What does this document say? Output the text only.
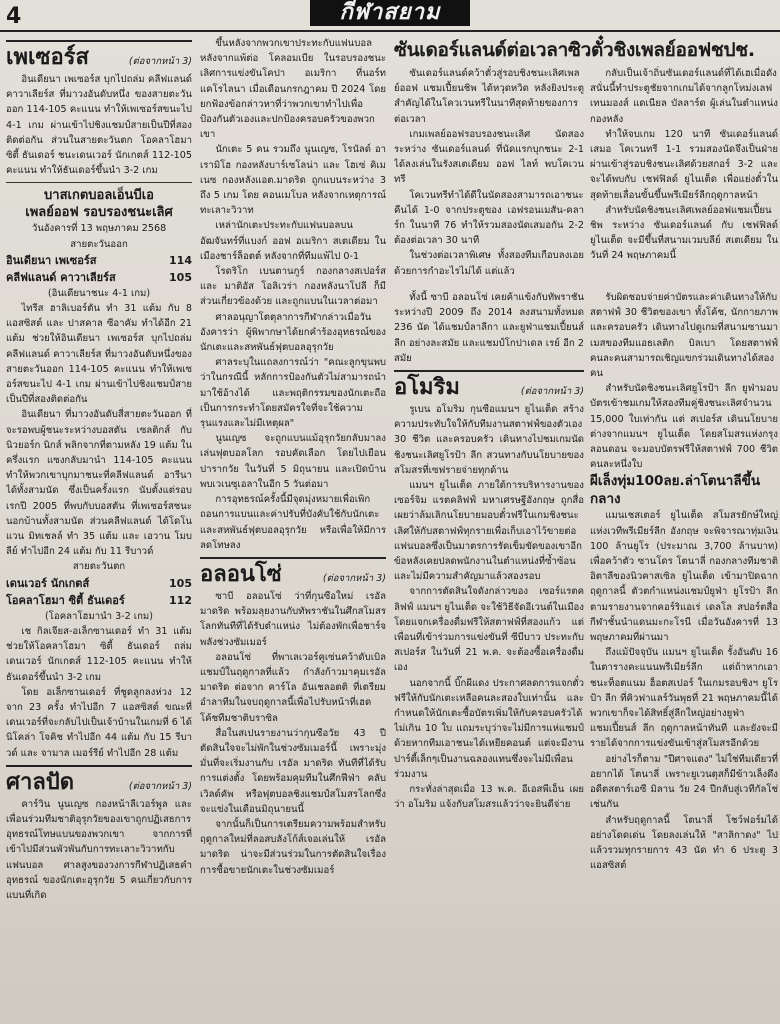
4	กีฬาสยาม
เพเซอร์ส	(ต่อจากหน้า 3)

อินเดียนา เพเซอร์ส บุกไปถล่ม คลีฟแลนด์ คาวาเลียร์ส ที่มาวงอันดับหนึ่ง ของสายตะวันออก 114-105 คะแนน ทำให้เพเซอร์สขนะไป 4-1 เกม ผ่านเข้าไปชิงแชมป์สายเป็นปีที่สองติดต่อกัน ส่วนในสายตะวันตก โอคลาโฮมา ซิตี้ ธันเดอร์ ชนะเดนเวอร์ นักเกตส์ 112-105 คะแนน ทำให้ธันเดอร์ขึ้นนำ 3-2 เกม

บาสเกตบอลเอ็นบีเอ
เพลย์ออฟ รอบรองชนะเลิศ

วันอังคารที่ 13 พฤษภาคม 2568

สายตะวันออก

อินเดียนา เพเซอร์ส	114
คลีฟแลนด์ คาวาเลียร์ส	105

(อินเดียนาชนะ 4-1 เกม)

ไทรีส ฮาลิเบอร์ตัน ทำ 31 แต้ม กับ 8 แอสซิสต์ และ ปาสคาล ซีอาคัม ทำได้อีก 21 แต้ม ช่วยให้อินเดียนา เพเซอร์ส บุกไปถล่ม คลีฟแลนด์ คาวาเลียร์ส ที่มาวงอันดับหนึ่งของสายตะวันออก 114-105 คะแนน ทำให้เพเซอร์สขนะไป 4-1 เกม ผ่านเข้าไปชิงแชมป์สายเป็นปีที่สองติดต่อกัน

อินเดียนา ที่มาวงอันดับสี่สายตะวันออก ที่จะรอพบผู้ชนะระหว่างบอสตัน เซลติกส์ กับ นิวยอร์ก นิกส์ พลิกจากที่ตามหลัง 19 แต้ม ในครึ่งแรก แซงกลับมานำ 114-105 คะแนน ทำให้พวกเขาบุกมาชนะที่คลีฟแลนด์ อารีนา ได้ทั้งสามนัด ซึ่งเป็นครั้งแรก นับตั้งแต่รอบเรกปี 2005 ที่พบกับบอสตัน ที่เพเซอร์สชนะนอกบ้านทั้งสามนัด ส่วนคลีฟแลนด์ ได้โดโนแวน มิทเชลล์ ทำ 35 แต้ม และ เอวาน โมบลีย์ ทำไปอีก 24 แต้ม กับ 11 รีบาวด์

สายตะวันตก

เดนเวอร์ นักเกตส์	105
โอคลาโฮมา ซิตี้ ธันเดอร์	112

(โอคลาโฮมานำ 3-2 เกม)

เช กิลเจียส-อเล็กซานเดอร์ ทำ 31 แต้ม ช่วยให้โอคลาโฮมา ซิตี้ ธันเดอร์ ถล่มเดนเวอร์ นักเกตส์ 112-105 คะแนน ทำให้ธันเดอร์ขึ้นนำ 3-2 เกม

โดย อเล็กซานเดอร์ ที่ชูดลูกลงห่วง 12 จาก 23 ครั้ง ทำไปอีก 7 แอสซิสต์ ขณะที่เดนเวอร์ที่จะกลับไปเป็นเจ้าบ้านในเกมที่ 6 ได้นิโคล่า โจคิช ทำไปอีก 44 แต้ม กับ 15 รีบาวด์ และ จามาล เมอร์รีย์ ทำไปอีก 28 แต้ม

ศาลปัด	(ต่อจากหน้า 3)

คาร์วิน นูนเญซ กองหน้าลีเวอร์พูล และเพื่อนร่วมทีมชาติอุรุกวัยของเขาถูกปฏิเสธการอุทธรณ์โทษแบนของพวกเขา จากการที่เข้าไปมีส่วนพัวพันกับการทะเลาะวิวาทกับแฟนบอล ศาลสูงของวงการกีฬาปฏิเสธคำอุทธรณ์ ของนักเตะอุรุกวัย 5 คนเกี่ยวกับการแบนที่เกิด

ขึ้นหลังจากพวกเขาประทะกับแฟนบอลหลังจากแพ้ต่อ โคลอมเบีย ในรอบรองชนะเลิศการแข่งขันโคปา อเมริกา ที่นอร์ทแคโรไลนา เมื่อเดือนกรกฎาคม ปี 2024 โดยยกฟ้องข้อกล่าวหาที่ว่าพวกเขาทำไปเพื่อป้องกันตัวเองและปกป้องครอบครัวของพวกเขา

นักเตะ 5 คน รวมถึง นูนเญซ, โรนัลด์ อาเรามิโฮ กองหลังบาร์เซโลน่า และ โฮเซ่ คิเมเนซ กองหลังแอต.มาดริด ถูกแบนระหว่าง 3 ถึง 5 เกม โดย คอนเมโบล หลังจากเหตุการณ์ทะเลาะวิวาท

เหล่านักเตะประทะกับแฟนบอลบนอัฒจันทร์ที่แบงก์ ออฟ อเมริกา สเตเดียม ในเมืองชาร์ล็อตต์ หลังจากที่ทีมแพ้ไป 0-1

โรดริโก เบนตานกูร์ กองกลางสเปอร์ส และ มาติอัส โอลิเวร่า กองหลังนาโปลี ก็มีส่วนเกี่ยวข้องด้วย และถูกแบนในเวลาต่อมา

ศาลอนุญาโตตุลาการกีฬากล่าวเมื่อวันอังคารว่า ผู้พิพากษาได้ยกคำร้องอุทธรณ์ของนักเตะและสหพันธ์ฟุตบอลอุรุกวัย

ศาลระบุในแถลงการณ์ว่า "คณะลูกขุนพบว่าในกรณีนี้ หลักการป้องกันตัวไม่สามารถนำมาใช้อ้างได้ และพฤติกรรมของนักเตะถือเป็นการกระทำโดยสมัครใจที่จะใช้ความรุนแรงและไม่มีเหตุผล"

นูนเญซ จะถูกแบนแม้อุรุกวัยกลับมาลงเล่นฟุตบอลโลก รอบคัดเลือก โดยไปเยือนปารากวัย ในวันที่ 5 มิถุนายน และเปิดบ้านพบเวเนซุเอลาในอีก 5 วันต่อมา

การอุทธรณ์ครั้งนี้มีจุดมุ่งหมายเพื่อเพิกถอนการแบนและค่าปรับที่บังคับใช้กับนักเตะและสหพันธ์ฟุตบอลอุรุกวัย หรือเพื่อให้มีการลดโทษลง

อลอนโซ่	(ต่อจากหน้า 3)

ซาบี อลอนโซ่ ว่าที่กุนซือใหม่ เรอัล มาดริด พร้อมลุยงานกับทัพราชันในศึกสโมสรโลกทันทีที่ได้รับตำแหน่ง ไม่ต้องพักเพื่อชาร์จพลังช่วงซัมเมอร์

อลอนโซ่ ที่พาเลเวอร์คูเซ่นคว้าดับเบิลแชมป์ในฤดูกาลที่แล้ว กำลังก้าวมาคุมเรอัล มาดริด ต่อจาก คาร์โล อันเชลอตติ ที่เตรียมอำลาทีมในจบฤดูกาลนี้เพื่อไปรับหน้าที่เฮดโค้ชทีมชาติบราซิล

สื่อในสเปนรายงานว่ากุนซือวัย 43 ปี ตัดสินใจจะไม่พักในช่วงซัมเมอร์นี้ เพราะมุ่งมั่นที่จะเริ่มงานกับ เรอัล มาดริด ทันทีที่ได้รับการแต่งตั้ง โดยพร้อมคุมทีมในศึกฟีฟ่า คลับ เวิลด์คัพ หรือฟุตบอลชิงแชมป์สโมสรโลกซึ่งจะแข่งในเดือนมิถุนายนนี้

จากนั้นก็เป็นการเตรียมความพร้อมสำหรับฤดูกาลใหม่ที่ลอสบลังโก้ส์เจอเล่นให้ เรอัล มาดริด น่าจะมีส่วนร่วมในการตัดสินใจเรื่องการซื้อขายนักเตะในช่วงซัมเมอร์

ซันเดอร์แลนด์ต่อเวลาซิวตั๋วชิงเพลย์ออฟชปช.

ซันเดอร์แลนด์คว้าตั๋วสู่รอบชิงชนะเลิศเพลย์ออฟ แชมเปี้ยนชิพ ได้หวุดหวิด หลังยิงประตูสำคัญได้ในโควเวนทรีในนาทีสุดท้ายของการต่อเวลา

เกมเพลย์ออฟรอบรองชนะเลิศ นัดสองระหว่าง ซันเดอร์แลนด์ ที่นัดแรกบุกชนะ 2-1 ได้ลงเล่นในรังสเตเดียม ออฟ ไลท์ พบโคเวนทรี

โคเวนทรีทำได้ดีในนัดสองสามารถเอาชนะคืนได้ 1-0 จากประตูของ เอฟรอนเมสัน-คลาร์ก ในนาที 76 ทำให้รวมสองนัดเสมอกัน 2-2 ต้องต่อเวลา 30 นาที

ในช่วงต่อเวลาพิเศษ ทั้งสองทีมเกือบลงเอยด้วยการกำอะไรไม่ได้ แต่แล้ว

กลับเป็นเจ้าถิ่นซันเดอร์แลนด์ที่ได้เฮเมื่อดังสนั่นนี้ทำประตูชัยจากเกมได้จากลูกโหม่งเลฟเทนมองส์ แดเนียล บัลลาร์ด ผู้เล่นในตำแหน่งกองหลัง

ทำให้จบเกม 120 นาที ซันเดอร์แลนด์เสมอ โคเวนทรี 1-1 รวมสองนัดจึงเป็นฝ่ายผ่านเข้าสู่รอบชิงชนะเลิศด้วยสกอร์ 3-2 และจะได้พบกับ เชฟฟิลด์ ยูไนเต็ด เพื่อแย่งตั๋วในสุดท้ายเลื่อนขั้นขึ้นพรีเมียร์ลีกฤดูกาลหน้า

สำหรับนัดชิงชนะเลิศเพลย์ออฟแชมเปี้ยนชิพ ระหว่าง ซันเดอร์แลนด์ กับ เชฟฟิลด์ ยูไนเต็ด จะมีขึ้นที่สนามเวมบลีย์ สเตเดียม ในวันที่ 24 พฤษภาคมนี้

ทั้งนี้ ซาบี อลอนโซ่ เคยค้าแข้งกับทัพราชันระหว่างปี 2009 ถึง 2014 ลงสนามทั้งหมด 236 นัด ได้แชมป์ลาลีกา และยูฟ่าแชมเปี้ยนส์ ลีก อย่างละสมัย และแชมป์โกปาเดล เรย์ อีก 2 สมัย

อโมริม	(ต่อจากหน้า 3)

รูเบน อโมริม กุนซือแมนฯ ยูไนเต็ด สร้างความประทับใจให้กับทีมงานสตาฟฟ์ของตัวเอง 30 ชีวิต และครอบครัว เดินทางไปชมเกมนัดชิงชนะเลิศยูโรป้า ลีก สวนทางกับนโยบายของสโมสรที่เซฟรายจ่ายทุกด้าน

แมนฯ ยูไนเต็ด ภายใต้การบริหารงานของ เซอร์จิม แรตคลิฟฟ์ มหาเศรษฐีอังกฤษ ถูกสื่อเผยว่าล้มเลิกนโยบายมอบตั๋วฟรีในเกมชิงชนะเลิศให้กับสตาฟฟ์ทุกรายเพื่อเก็บเอาไว้ขายต่อแฟนบอลซึ่งเป็นมาตรการรัดเข็มขัดของเขาอีกข้อหลังเคยปลดพนักงานในตำแหน่งที่ซ้ำซ้อนและไม่มีความสำคัญมาแล้วสองรอบ

จากการตัดสินใจดังกล่าวของ เซอร์แรตคลิฟฟ์ แมนฯ ยูไนเต็ด จะใช้วิธีจัดอีเวนต์ในเมืองโดยแจกเครื่องดื่มฟรีให้สตาฟฟ์ที่สองแก้ว แต่เพื่อนที่เข้าร่วมการแข่งขันที่ ซีบีบาว ประทะกับ สเปอร์ส ในวันที่ 21 พ.ค. จะต้องซื้อเครื่องดื่มเอง

นอกจากนี้ บิ๊กผีแดง ประกาศลดการแจกตั๋วฟรีให้กับนักเตะเหลือคนละสองใบเท่านั้น และกำหนดให้นักเตะซื้อบัตรเพิ่มให้กับครอบครัวได้ไม่เกิน 10 ใบ แถมระบุว่าจะไม่มีการแห่แชมป์ด้วยหากทีมเอาชนะได้เหยียคอนต์ แต่จะมีงานปาร์ตี้เล็กๆเป็นงานฉลองแทนซึ่งจะไม่มีเพื่อนร่วมงาน

กระทั่งล่าสุดเมื่อ 13 พ.ค. อีเอสพีเอ็น เผยว่า อโมริม แจ้งกับสโมสรแล้วว่าจะยินดีจ่าย

รับผิดชอบจ่ายค่าบัตรและค่าเดินทางให้กับสตาฟฟ์ 30 ชีวิตของเขา ทั้งโค้ช, นักกายภาพ และครอบครัว เดินทางไปดูเกมที่สนามซานมาเมสของทีมแอธเลติก บิลเบา โดยสตาฟฟ์คนละคนสามารถเชิญแขกร่วมเดินทางได้สองคน

สำหรับนัดชิงชนะเลิศยูโรป้า ลีก ยูฟ่ามอบบัตรเข้าชมเกมให้สองทีมคู่ชิงชนะเลิศจำนวน 15,000 ใบเท่ากัน แต่ สเปอร์ส เดินนโยบายต่างจากแมนฯ ยูไนเต็ด โดยสโมสรแห่งกรุงลอนดอน จะมอบบัตรฟรีให้สตาฟฟ์ 700 ชีวิตคนละหนึ่งใบ

ผีเล็งทุ่ม100ลย.ล่าโตนาลีขึ้นกลาง

แมนเชสเตอร์ ยูไนเต็ด สโมสรยักษ์ใหญ่แห่งเวทีพรีเมียร์ลีก อังกฤษ จะพิจารณาทุ่มเงิน 100 ล้านยูโร (ประมาณ 3,700 ล้านบาท) เพื่อคว้าตัว ซานโดร โตนาลี่ กองกลางทีมชาติอิตาลีของนิวคาสเซิล ยูไนเต็ด เข้ามาปิดฉากฤดูกาลนี้ ตัวตกำแหน่งแชมป์ยูฟ่า ยูโรป้า ลีก ตามรายงานจากคอร์ริแอเร่ เดลโล สปอร์ตสื่อกีฬาชั้นนำแดนมะกะโรนี เมื่อวันอังคารที่ 13 พฤษภาคมที่ผ่านมา

ถึงแม้ปัจจุบัน แมนฯ ยูไนเต็ด รั้งอันดับ 16 ในตารางคะแนนพรีเมียร์ลีก แต่ถ้าหากเอาชนะท็อตแนม ฮ็อตสเปอร์ ในเกมรอบชิงฯ ยูโรป้า ลีก ที่คิวฟาแลร์วันพุธที่ 21 พฤษภาคมนี้ได้ พวกเขาก็จะได้สิทธิ์สู่ลีกใหญ่อย่างยูฟ่า แชมเปี้ยนส์ ลีก ฤดูกาลหน้าทันที และยังจะมีรายได้จากการแข่งขันเข้าสู่สโมสรอีกด้วย

อย่างไรก็ตาม "ปีศาจแดง" ไม่ใช่ทีมเดียวที่อยากได้ โตนาลี่ เพราะยูเวนตุสก็มีข้าวเล็งดึงอดีตสตาร์เอซี มิลาน วัย 24 ปีกลับสู่เวทีกัลโช่ เช่นกัน

สำหรับฤดูกาลนี้ โตนาลี่ โชว์ฟอร์มได้อย่างโดดเด่น โดยลงเล่นให้ "สาลิกาดง" ไปแล้วรวมทุกรายการ 43 นัด ทำ 6 ประตู 3 แอสซิสต์
